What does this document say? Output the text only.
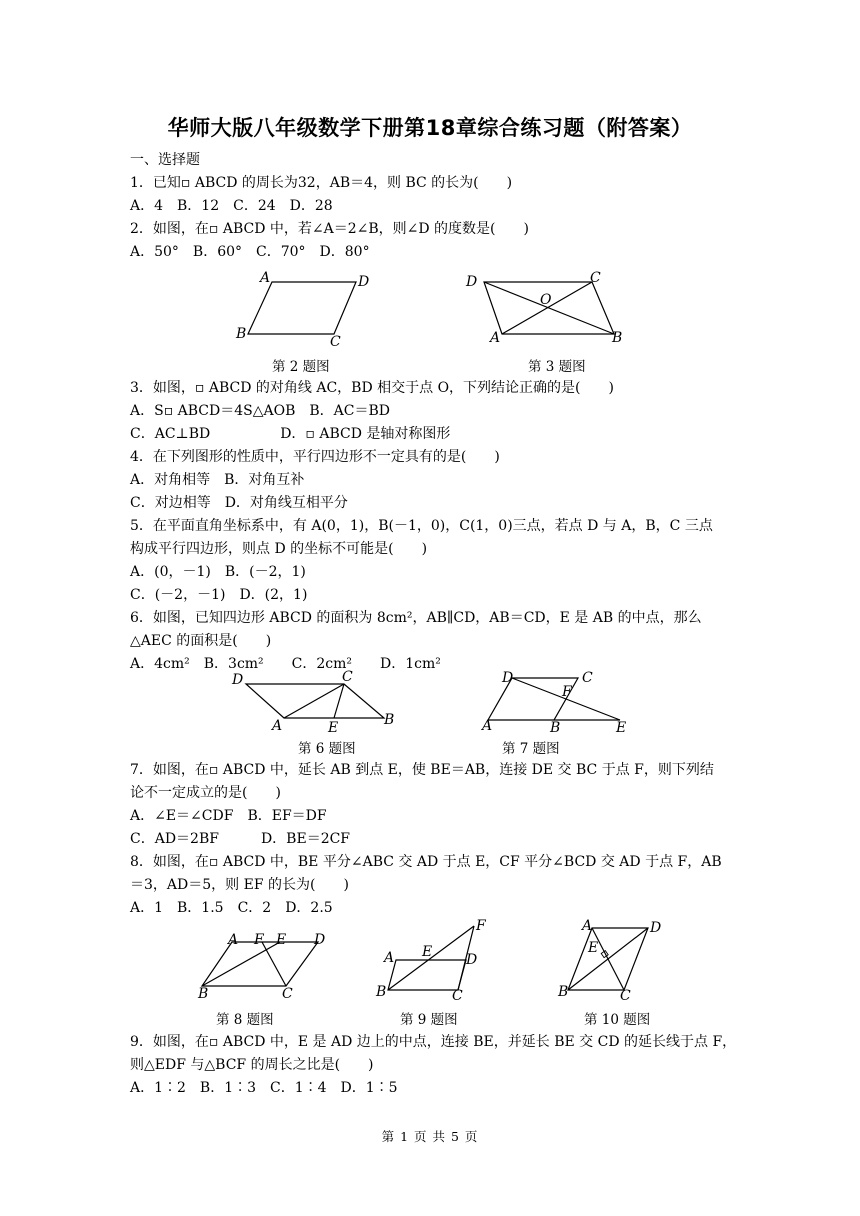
华师大版八年级数学下册第18章综合练习题（附答案）
一、选择题
1．已知▫ ABCD 的周长为32，AB＝4，则 BC 的长为(　　)
A．4　B．12　C．24　D．28
2．如图，在▫ ABCD 中，若∠A＝2∠B，则∠D 的度数是(　　)
A．50°　B．60°　C．70°　D．80°
A	D
B	C
第 2 题图
D	C
O
A	B
第 3 题图
3．如图，▫ ABCD 的对角线 AC，BD 相交于点 O，下列结论正确的是(　　)
A．S▫ ABCD＝4S△AOB　B．AC＝BD
C．AC⊥BD　　　　　D．▫ ABCD 是轴对称图形
4．在下列图形的性质中，平行四边形不一定具有的是(　　)
A．对角相等　B．对角互补
C．对边相等　D．对角线互相平分
5．在平面直角坐标系中，有 A(0，1)，B(－1，0)，C(1，0)三点，若点 D 与 A，B，C 三点
构成平行四边形，则点 D 的坐标不可能是(　　)
A．(0，－1)　B．(－2，1)
C．(－2，－1)　D．(2，1)
6．如图，已知四边形 ABCD 的面积为 8cm²，AB∥CD，AB＝CD，E 是 AB 的中点，那么
△AEC 的面积是(　　)
A．4cm²　B．3cm²　　C．2cm²　　D．1cm²
D	C
A	E	B
第 6 题图
D	C
F
A	B	E
第 7 题图
7．如图，在▫ ABCD 中，延长 AB 到点 E，使 BE＝AB，连接 DE 交 BC 于点 F，则下列结
论不一定成立的是(　　)
A．∠E＝∠CDF　B．EF＝DF
C．AD＝2BF　　　D．BE＝2CF
8．如图，在▫ ABCD 中，BE 平分∠ABC 交 AD 于点 E，CF 平分∠BCD 交 AD 于点 F，AB
＝3，AD＝5，则 EF 的长为(　　)
A．1　B．1.5　C．2　D．2.5
A F E D
B	C
第 8 题图
F
A E D
B	C
第 9 题图
A	D
E
B	C
第 10 题图
9．如图，在▫ ABCD 中，E 是 AD 边上的中点，连接 BE，并延长 BE 交 CD 的延长线于点 F，
则△EDF 与△BCF 的周长之比是(　　)
A．1∶2　B．1∶3　C．1∶4　D．1∶5
第 1 页 共 5 页
